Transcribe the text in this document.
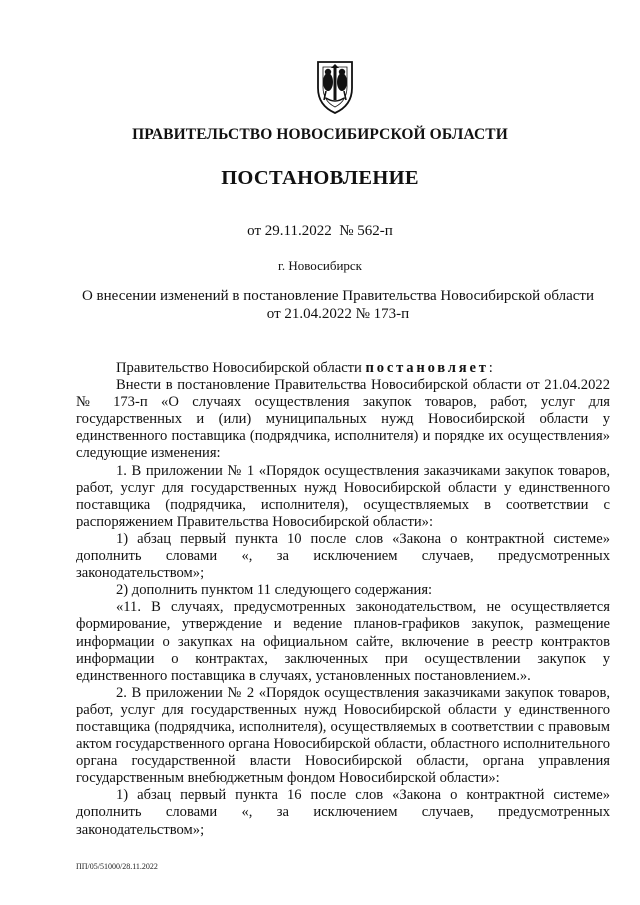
ПРАВИТЕЛЬСТВО НОВОСИБИРСКОЙ ОБЛАСТИ
ПОСТАНОВЛЕНИЕ
от 29.11.2022  № 562-п
г. Новосибирск
О внесении изменений в постановление Правительства Новосибирской области
от 21.04.2022 № 173-п

Правительство Новосибирской области постановляет:

Внести в постановление Правительства Новосибирской области от 21.04.2022 № 173-п «О случаях осуществления закупок товаров, работ, услуг для государственных и (или) муниципальных нужд Новосибирской области у единственного поставщика (подрядчика, исполнителя) и порядке их осуществления» следующие изменения:

1. В приложении № 1 «Порядок осуществления заказчиками закупок товаров, работ, услуг для государственных нужд Новосибирской области у единственного поставщика (подрядчика, исполнителя), осуществляемых в соответствии с распоряжением Правительства Новосибирской области»:

1) абзац первый пункта 10 после слов «Закона о контрактной системе» дополнить словами «, за исключением случаев, предусмотренных законодательством»;

2) дополнить пунктом 11 следующего содержания:

«11. В случаях, предусмотренных законодательством, не осуществляется формирование, утверждение и ведение планов-графиков закупок, размещение информации о закупках на официальном сайте, включение в реестр контрактов информации о контрактах, заключенных при осуществлении закупок у единственного поставщика в случаях, установленных постановлением.».

2. В приложении № 2 «Порядок осуществления заказчиками закупок товаров, работ, услуг для государственных нужд Новосибирской области у единственного поставщика (подрядчика, исполнителя), осуществляемых в соответствии с правовым актом государственного органа Новосибирской области, областного исполнительного органа государственной власти Новосибирской области, органа управления государственным внебюджетным фондом Новосибирской области»:

1) абзац первый пункта 16 после слов «Закона о контрактной системе» дополнить словами «, за исключением случаев, предусмотренных законодательством»;

ПП/05/51000/28.11.2022
